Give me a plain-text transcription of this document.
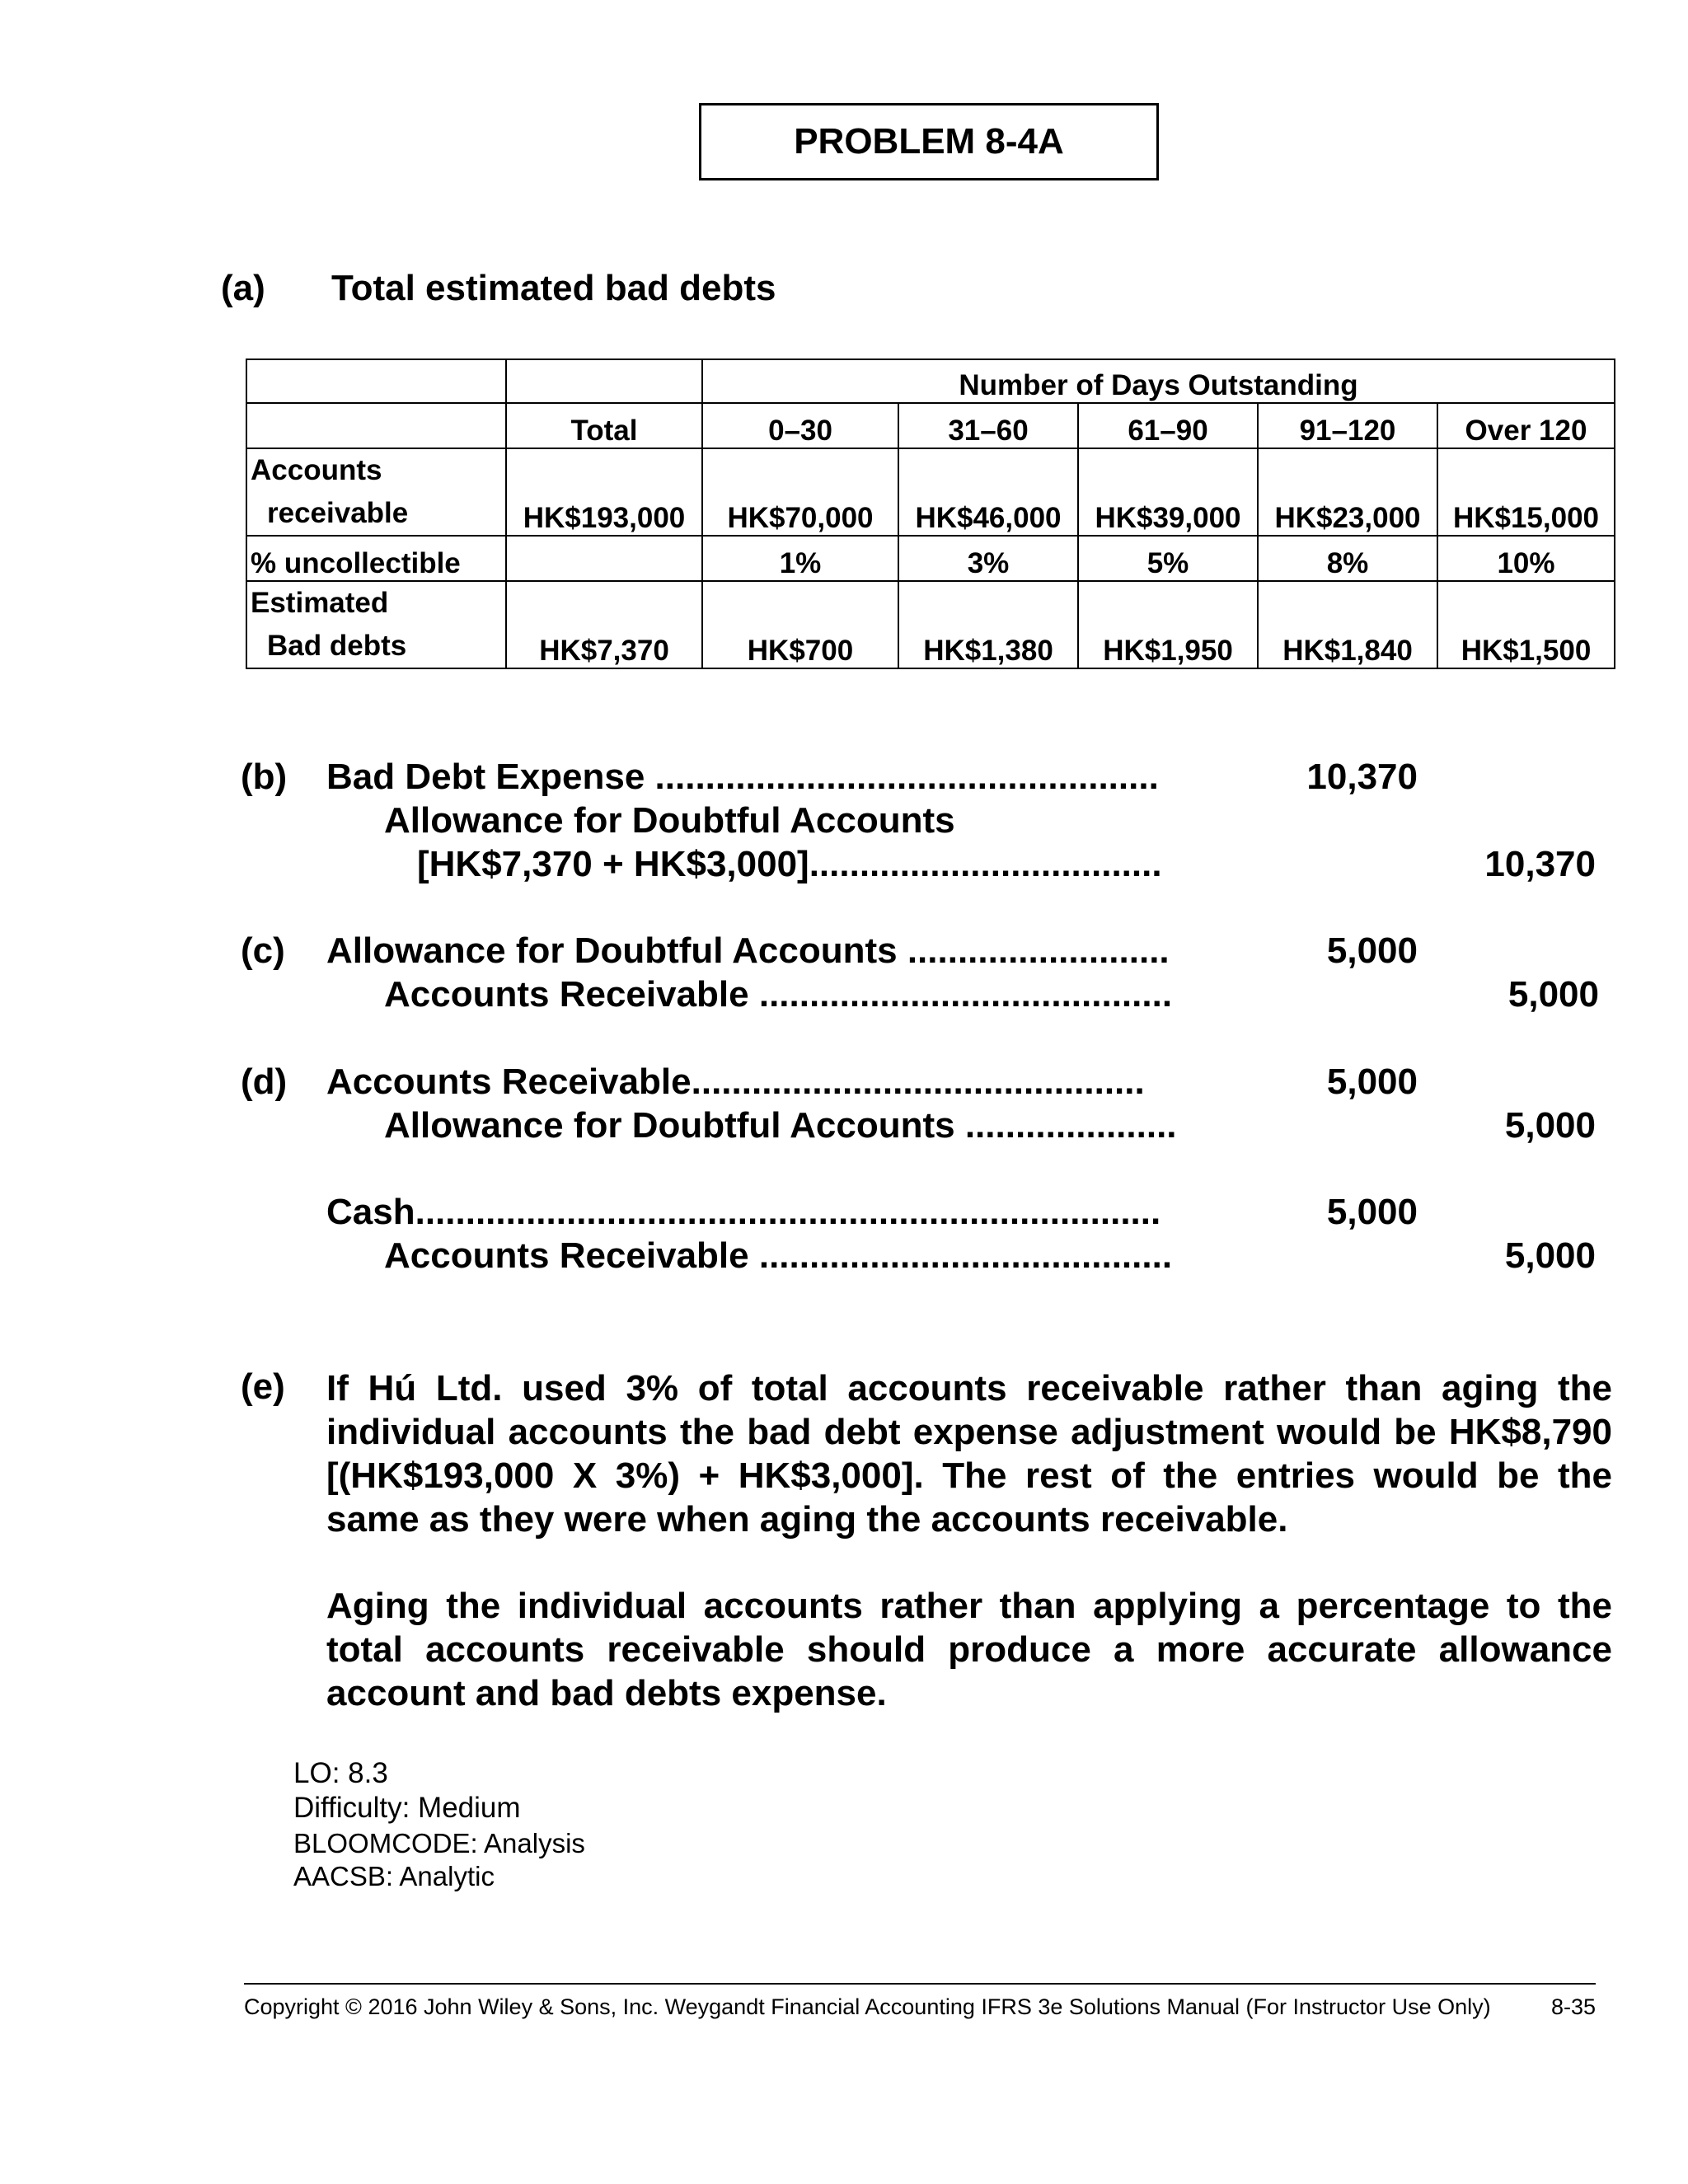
PROBLEM 8-4A
(a) Total estimated bad debts
		Number of Days Outstanding				
	Total	0–30	31–60	61–90	91–120	Over 120

Accounts
receivable	HK$193,000	HK$70,000	HK$46,000	HK$39,000	HK$23,000	HK$15,000
% uncollectible		1%	3%	5%	8%	10%

Estimated
Bad debts	HK$7,370	HK$700	HK$1,380	HK$1,950	HK$1,840	HK$1,500
(b) Bad Debt Expense ..................................................	10,370
Allowance for Doubtful Accounts
[HK$7,370 + HK$3,000]...................................	10,370
(c) Allowance for Doubtful Accounts ..........................	5,000
Accounts Receivable .........................................	5,000
(d) Accounts Receivable.............................................	5,000
Allowance for Doubtful Accounts .....................	5,000
Cash..........................................................................	5,000
Accounts Receivable .........................................	5,000
(e) If Hú Ltd. used 3% of total accounts receivable rather than aging the individual accounts the bad debt expense adjustment would be HK$8,790 [(HK$193,000 X 3%) + HK$3,000]. The rest of the entries would be the same as they were when aging the accounts receivable.
Aging the individual accounts rather than applying a percentage to the total accounts receivable should produce a more accurate allowance account and bad debts expense.
LO: 8.3
Difficulty: Medium
BLOOMCODE: Analysis
AACSB: Analytic
Copyright © 2016 John Wiley & Sons, Inc. Weygandt Financial Accounting IFRS 3e Solutions Manual (For Instructor Use Only)	8-35
